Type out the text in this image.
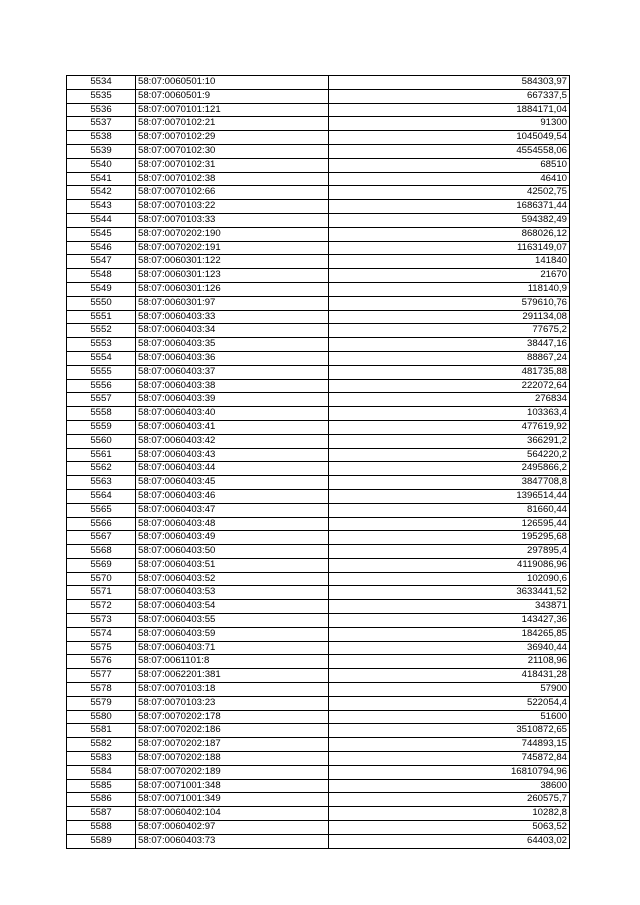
5534	58:07:0060501:10	584303,97
5535	58:07:0060501:9	667337,5
5536	58:07:0070101:121	1884171,04
5537	58:07:0070102:21	91300
5538	58:07:0070102:29	1045049,54
5539	58:07:0070102:30	4554558,06
5540	58:07:0070102:31	68510
5541	58:07:0070102:38	46410
5542	58:07:0070102:66	42502,75
5543	58:07:0070103:22	1686371,44
5544	58:07:0070103:33	594382,49
5545	58:07:0070202:190	868026,12
5546	58:07:0070202:191	1163149,07
5547	58:07:0060301:122	141840
5548	58:07:0060301:123	21670
5549	58:07:0060301:126	118140,9
5550	58:07:0060301:97	579610,76
5551	58:07:0060403:33	291134,08
5552	58:07:0060403:34	77675,2
5553	58:07:0060403:35	38447,16
5554	58:07:0060403:36	88867,24
5555	58:07:0060403:37	481735,88
5556	58:07:0060403:38	222072,64
5557	58:07:0060403:39	276834
5558	58:07:0060403:40	103363,4
5559	58:07:0060403:41	477619,92
5560	58:07:0060403:42	366291,2
5561	58:07:0060403:43	564220,2
5562	58:07:0060403:44	2495866,2
5563	58:07:0060403:45	3847708,8
5564	58:07:0060403:46	1396514,44
5565	58:07:0060403:47	81660,44
5566	58:07:0060403:48	126595,44
5567	58:07:0060403:49	195295,68
5568	58:07:0060403:50	297895,4
5569	58:07:0060403:51	4119086,96
5570	58:07:0060403:52	102090,6
5571	58:07:0060403:53	3633441,52
5572	58:07:0060403:54	343871
5573	58:07:0060403:55	143427,36
5574	58:07:0060403:59	184265,85
5575	58:07:0060403:71	36940,44
5576	58:07:0061101:8	21108,96
5577	58:07:0062201:381	418431,28
5578	58:07:0070103:18	57900
5579	58:07:0070103:23	522054,4
5580	58:07:0070202:178	51600
5581	58:07:0070202:186	3510872,65
5582	58:07:0070202:187	744893,15
5583	58:07:0070202:188	745872,84
5584	58:07:0070202:189	16810794,96
5585	58:07:0071001:348	38600
5586	58:07:0071001:349	260575,7
5587	58:07:0060402:104	10282,8
5588	58:07:0060402:97	5063,52
5589	58:07:0060403:73	64403,02
